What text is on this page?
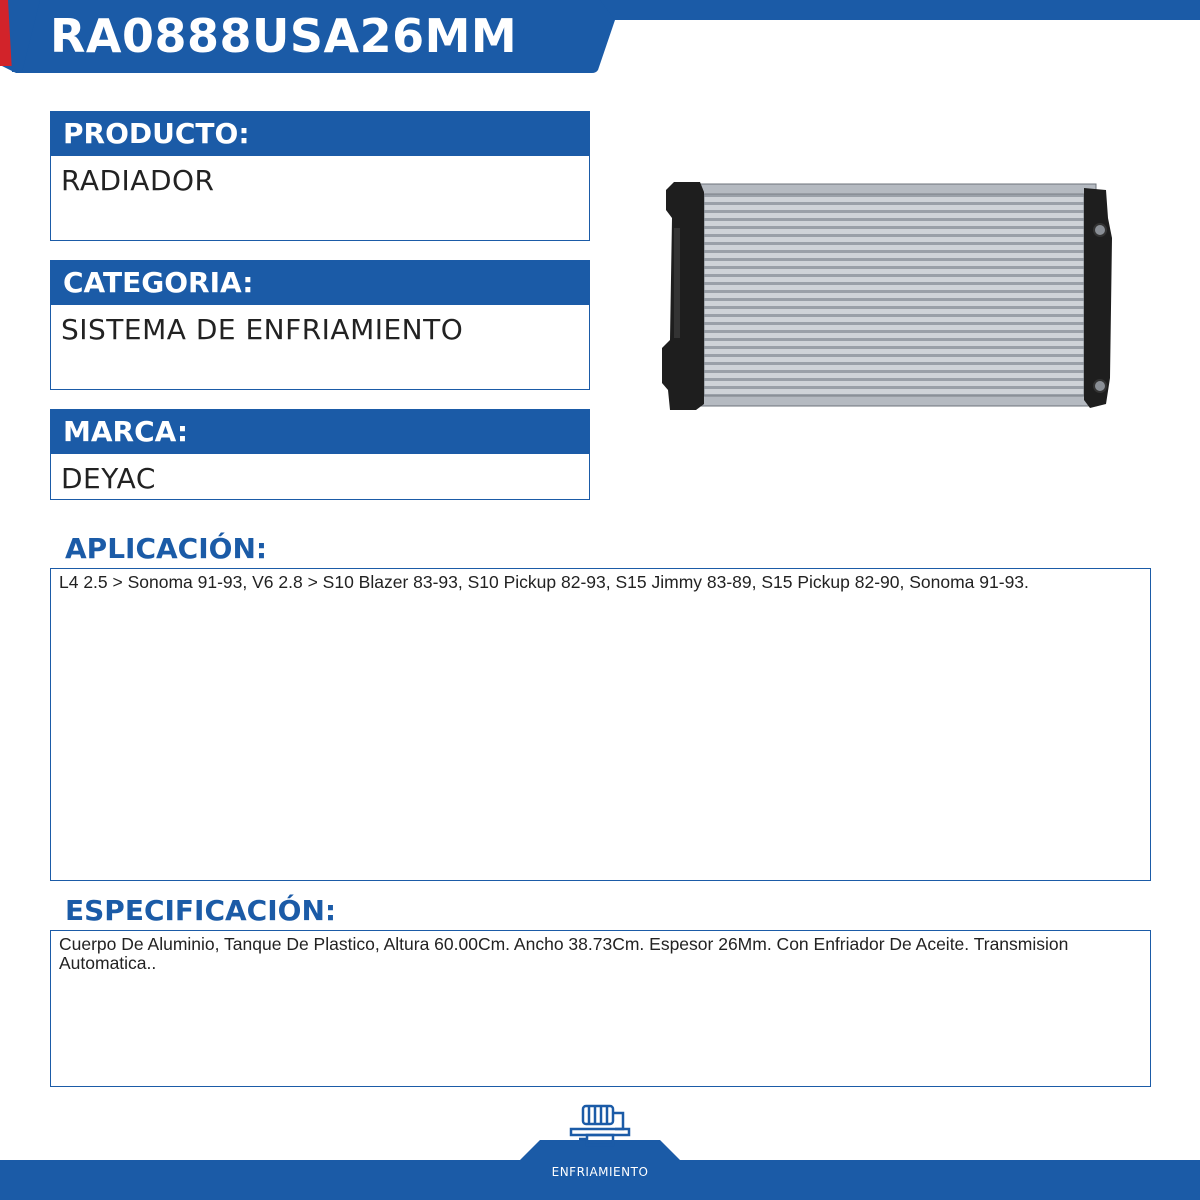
RA0888USA26MM
PRODUCTO:
RADIADOR
CATEGORIA:
SISTEMA DE ENFRIAMIENTO
MARCA:
DEYAC
APLICACIÓN:

L4 2.5 > Sonoma 91-93, V6 2.8 > S10 Blazer 83-93, S10 Pickup 82-93, S15 Jimmy 83-89, S15 Pickup 82-90, Sonoma 91-93.

ESPECIFICACIÓN:

Cuerpo De Aluminio, Tanque De Plastico, Altura 60.00Cm. Ancho 38.73Cm. Espesor 26Mm. Con Enfriador De Aceite. Transmision Automatica..

ENFRIAMIENTO
